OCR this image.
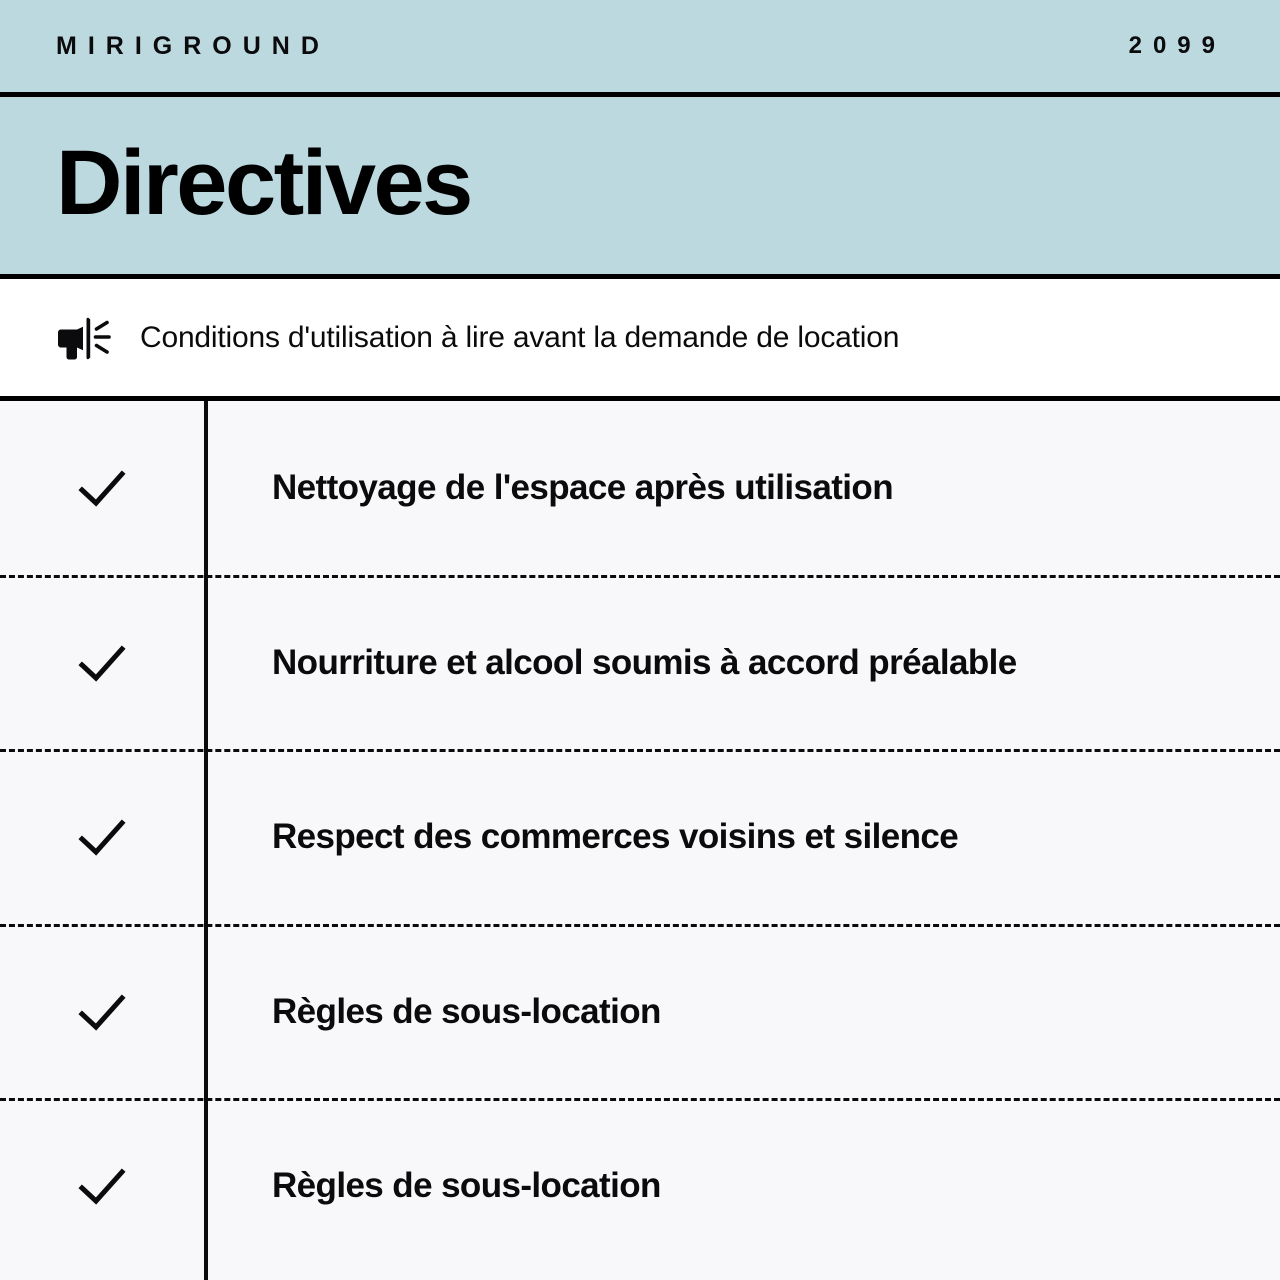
MIRIGROUND	2099
Directives
Conditions d'utilisation à lire avant la demande de location
Nettoyage de l'espace après utilisation
Nourriture et alcool soumis à accord préalable
Respect des commerces voisins et silence
Règles de sous-location
Règles de sous-location
